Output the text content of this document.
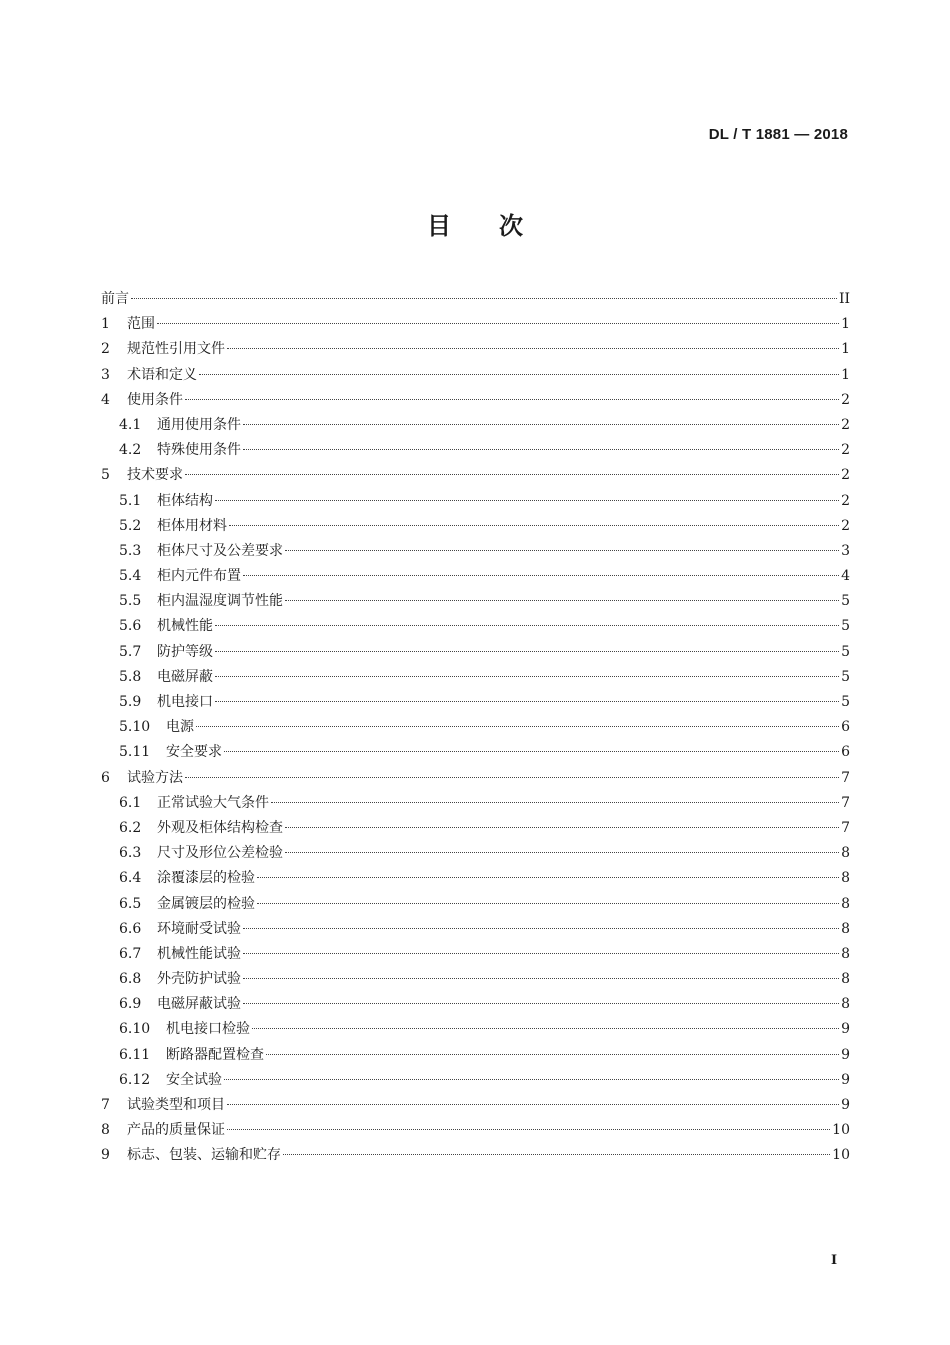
DL / T 1881 — 2018
目次
前言	II
1	范围	1
2	规范性引用文件	1
3	术语和定义	1
4	使用条件	2
4.1	通用使用条件	2
4.2	特殊使用条件	2
5	技术要求	2
5.1	柜体结构	2
5.2	柜体用材料	2
5.3	柜体尺寸及公差要求	3
5.4	柜内元件布置	4
5.5	柜内温湿度调节性能	5
5.6	机械性能	5
5.7	防护等级	5
5.8	电磁屏蔽	5
5.9	机电接口	5
5.10	电源	6
5.11	安全要求	6
6	试验方法	7
6.1	正常试验大气条件	7
6.2	外观及柜体结构检查	7
6.3	尺寸及形位公差检验	8
6.4	涂覆漆层的检验	8
6.5	金属镀层的检验	8
6.6	环境耐受试验	8
6.7	机械性能试验	8
6.8	外壳防护试验	8
6.9	电磁屏蔽试验	8
6.10	机电接口检验	9
6.11	断路器配置检查	9
6.12	安全试验	9
7	试验类型和项目	9
8	产品的质量保证	10
9	标志、包装、运输和贮存	10
I
